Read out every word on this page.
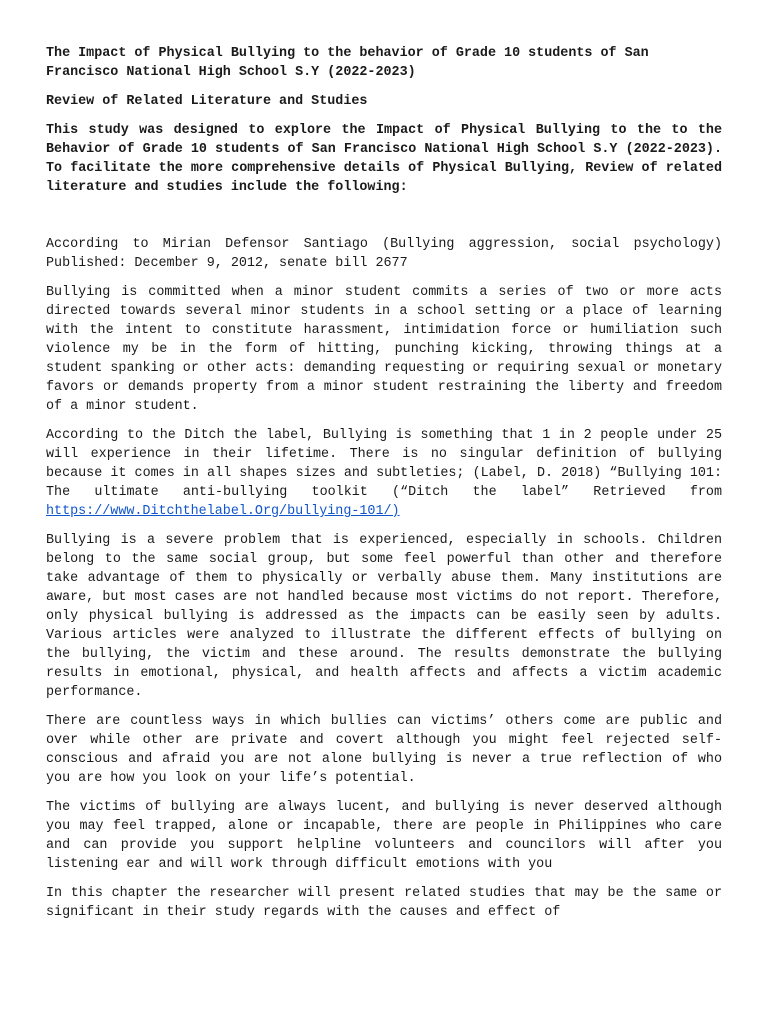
The Impact of Physical Bullying to the behavior of Grade 10 students of San Francisco National High School S.Y (2022-2023)
Review of Related Literature and Studies
This study was designed to explore the Impact of Physical Bullying to the to the Behavior of Grade 10 students of San Francisco National High School S.Y (2022-2023). To facilitate the more comprehensive details of Physical Bullying, Review of related literature and studies include the following:
According to Mirian Defensor Santiago (Bullying aggression, social psychology) Published: December 9, 2012, senate bill 2677
Bullying is committed when a minor student commits a series of two or more acts directed towards several minor students in a school setting or a place of learning with the intent to constitute harassment, intimidation force or humiliation such violence my be in the form of hitting, punching kicking, throwing things at a student spanking or other acts: demanding requesting or requiring sexual or monetary favors or demands property from a minor student restraining the liberty and freedom of a minor student.
According to the Ditch the label, Bullying is something that 1 in 2 people under 25 will experience in their lifetime. There is no singular definition of bullying because it comes in all shapes sizes and subtleties; (Label, D. 2018) “Bullying 101: The ultimate anti-bullying toolkit (“Ditch the label” Retrieved from https://www.Ditchthelabel.Org/bullying-101/)
Bullying is a severe problem that is experienced, especially in schools. Children belong to the same social group, but some feel powerful than other and therefore take advantage of them to physically or verbally abuse them. Many institutions are aware, but most cases are not handled because most victims do not report. Therefore, only physical bullying is addressed as the impacts can be easily seen by adults. Various articles were analyzed to illustrate the different effects of bullying on the bullying, the victim and these around. The results demonstrate the bullying results in emotional, physical, and health affects and affects a victim academic performance.
There are countless ways in which bullies can victims’ others come are public and over while other are private and covert although you might feel rejected self-conscious and afraid you are not alone bullying is never a true reflection of who you are how you look on your life’s potential.
The victims of bullying are always lucent, and bullying is never deserved although you may feel trapped, alone or incapable, there are people in Philippines who care and can provide you support helpline volunteers and councilors will after you listening ear and will work through difficult emotions with you
In this chapter the researcher will present related studies that may be the same or significant in their study regards with the causes and effect of
